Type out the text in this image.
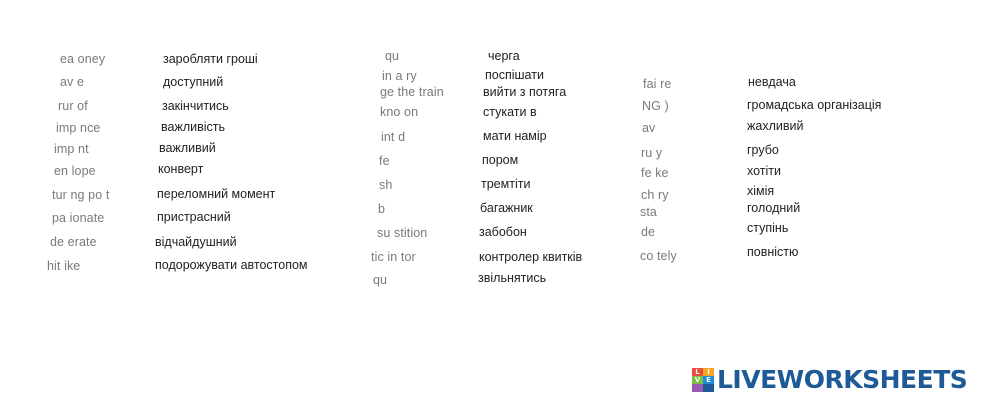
ea oney	заробляти гроші
av e	доступний
rur of	закінчитись
imp nce	важливість
imp nt	важливий
en lope	конверт
tur ng po t	переломний момент
pa ionate	пристрасний
de erate	відчайдушний
hit ike	подорожувати автостопом
qu	черга
in a ry	поспішати
ge the train	вийти з потяга
kno on	стукати в
int d	мати намір
fe	пором
sh	тремтіти
b	багажник
su stition	забобон
tic in tor	контролер квитків
qu	звільнятись
fai re	невдача
NG )	громадська організація
av	жахливий
ru y	грубо
fe ke	хотіти
ch ry	хімія
sta	голодний
de	ступінь
co tely	повністю
L	I
V E LIVEWORKSHEETS
